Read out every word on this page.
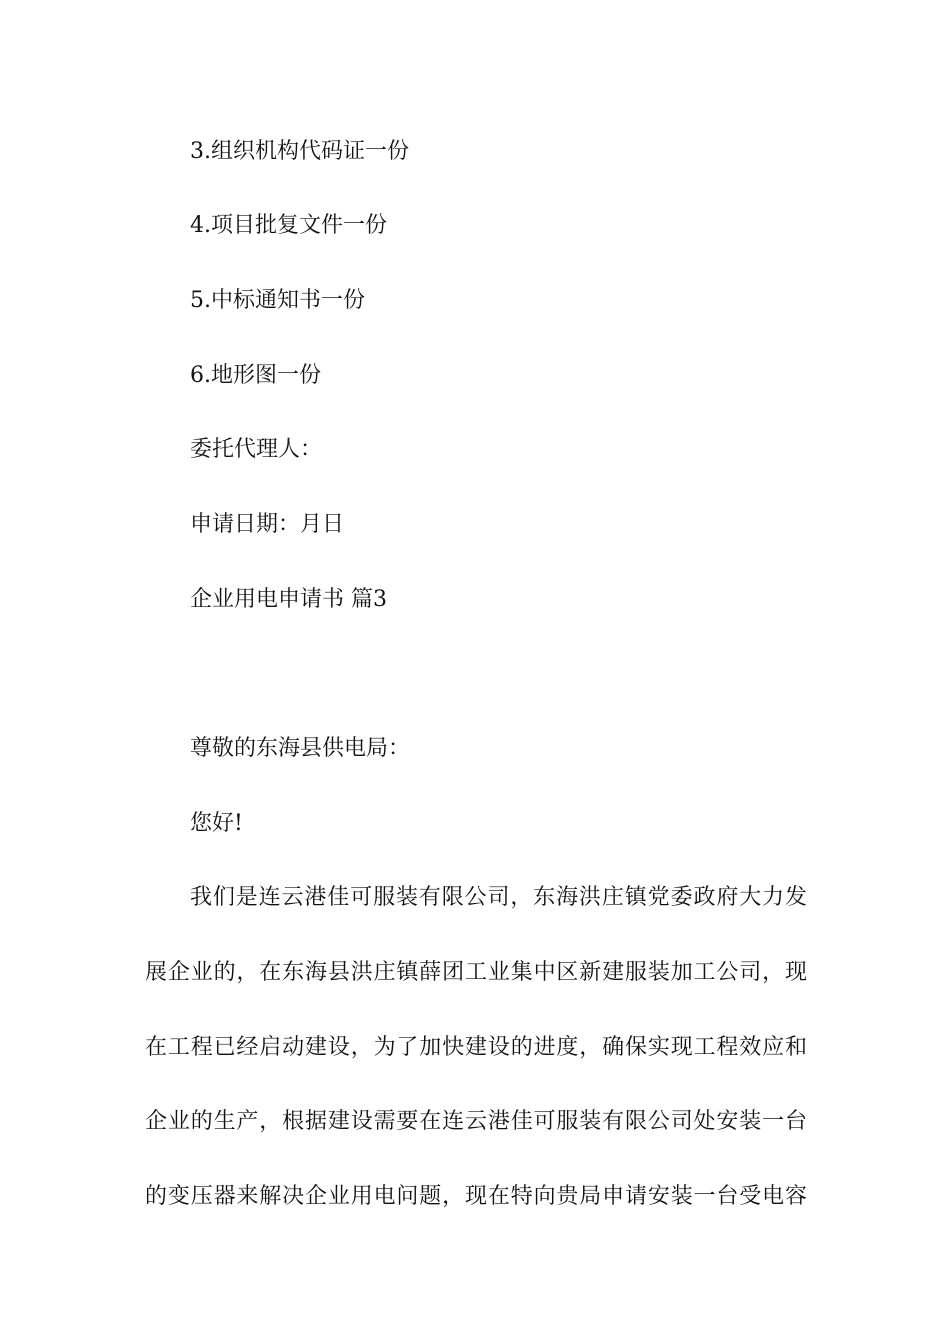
3.组织机构代码证一份
4.项目批复文件一份
5.中标通知书一份
6.地形图一份
委托代理人：
申请日期：月日
企业用电申请书 篇3
尊敬的东海县供电局：
您好!
我们是连云港佳可服装有限公司，东海洪庄镇党委政府大力发
展企业的，在东海县洪庄镇薛团工业集中区新建服装加工公司，现
在工程已经启动建设，为了加快建设的进度，确保实现工程效应和
企业的生产，根据建设需要在连云港佳可服装有限公司处安装一台
的变压器来解决企业用电问题，现在特向贵局申请安装一台受电容
